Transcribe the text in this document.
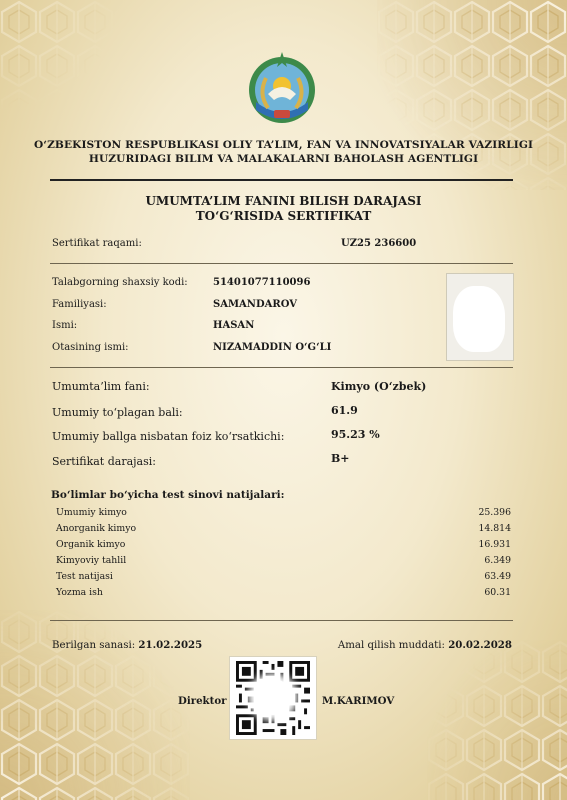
O‘ZBEKISTON RESPUBLIKASI OLIY TA’LIM, FAN VA INNOVATSIYALAR VAZIRLIGI
HUZURIDAGI BILIM VA MALAKALARNI BAHOLASH AGENTLIGI
UMUMTA’LIM FANINI BILISH DARAJASI
TO‘G‘RISIDA SERTIFIKAT
Sertifikat raqami:	UZ25 236600
Talabgorning shaxsiy kodi:	51401077110096
Familiyasi:	SAMANDAROV
Ismi:	HASAN
Otasining ismi:	NIZAMADDIN O‘G‘LI
Umumta’lim fani:	Kimyo (O‘zbek)
Umumiy to‘plagan bali:	61.9
Umumiy ballga nisbatan foiz ko‘rsatkichi:	95.23 %
Sertifikat darajasi:	B+
Bo‘limlar bo‘yicha test sinovi natijalari:
Umumiy kimyo	25.396
Anorganik kimyo	14.814
Organik kimyo	16.931
Kimyoviy tahlil	6.349
Test natijasi	63.49
Yozma ish	60.31
Berilgan sanasi: 21.02.2025	Amal qilish muddati: 20.02.2028
Direktor	M.KARIMOV
